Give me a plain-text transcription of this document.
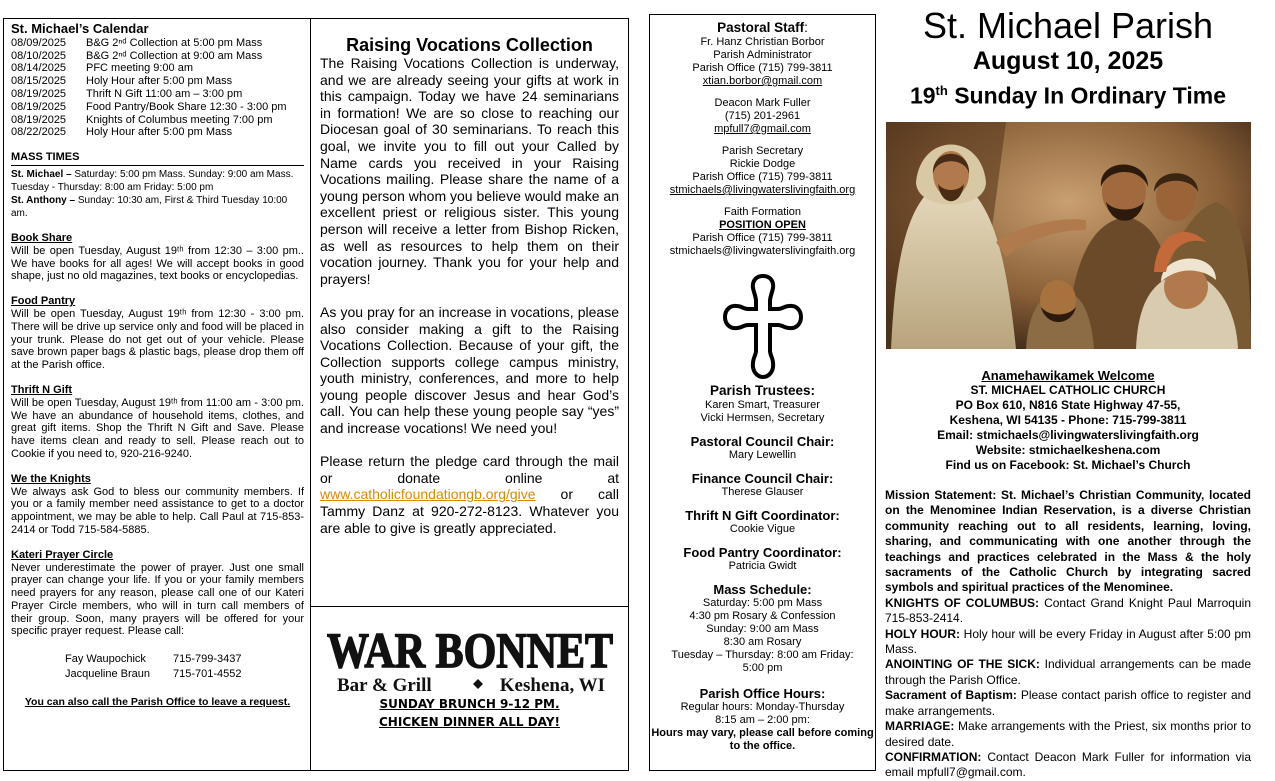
St. Michael’s Calendar
08/09/2025	B&G 2ⁿᵈ Collection at 5:00 pm Mass
08/10/2025	B&G 2ⁿᵈ Collection at 9:00 am Mass
08/14/2025	PFC meeting 9:00 am
08/15/2025	Holy Hour after 5:00 pm Mass
08/19/2025	Thrift N Gift 11:00 am – 3:00 pm
08/19/2025	Food Pantry/Book Share 12:30 - 3:00 pm
08/19/2025	Knights of Columbus meeting 7:00 pm
08/22/2025	Holy Hour after 5:00 pm Mass
MASS TIMES
St. Michael – Saturday: 5:00 pm Mass. Sunday: 9:00 am Mass. Tuesday - Thursday: 8:00 am Friday: 5:00 pm
St. Anthony – Sunday: 10:30 am, First & Third Tuesday 10:00 am.
Book Share
Will be open Tuesday, August 19ᵗʰ from 12:30 – 3:00 pm.. We have books for all ages! We will accept books in good shape, just no old magazines, text books or encyclopedias.
Food Pantry
Will be open Tuesday, August 19ᵗʰ from 12:30 - 3:00 pm. There will be drive up service only and food will be placed in your trunk. Please do not get out of your vehicle. Please save brown paper bags & plastic bags, please drop them off at the Parish office.
Thrift N Gift
Will be open Tuesday, August 19ᵗʰ from 11:00 am - 3:00 pm. We have an abundance of household items, clothes, and great gift items. Shop the Thrift N Gift and Save. Please have items clean and ready to sell. Please reach out to Cookie if you need to, 920-216-9240.
We the Knights
We always ask God to bless our community members. If you or a family member need assistance to get to a doctor appointment, we may be able to help. Call Paul at 715-853-2414 or Todd 715-584-5885.
Kateri Prayer Circle
Never underestimate the power of prayer. Just one small prayer can change your life. If you or your family members need prayers for any reason, please call one of our Kateri Prayer Circle members, who will in turn call members of their group. Soon, many prayers will be offered for your specific prayer request. Please call:
Fay Waupochick	715-799-3437
Jacqueline Braun	715-701-4552
You can also call the Parish Office to leave a request.
Raising Vocations Collection

The Raising Vocations Collection is underway, and we are already seeing your gifts at work in this campaign. Today we have 24 seminarians in formation! We are so close to reaching our Diocesan goal of 30 seminarians. To reach this goal, we invite you to fill out your Called by Name cards you received in your Raising Vocations mailing. Please share the name of a young person whom you believe would make an excellent priest or religious sister. This young person will receive a letter from Bishop Ricken, as well as resources to help them on their vocation journey. Thank you for your help and prayers!

As you pray for an increase in vocations, please also consider making a gift to the Raising Vocations Collection. Because of your gift, the Collection supports college campus ministry, youth ministry, conferences, and more to help young people discover Jesus and hear God’s call. You can help these young people say “yes” and increase vocations! We need you!

Please return the pledge card through the mail or donate online at www.catholicfoundationgb.org/give or call Tammy Danz at 920-272-8123. Whatever you are able to give is greatly appreciated.

WAR BONNET
Bar & Grill	Keshena, WI
SUNDAY BRUNCH 9-12 PM.
CHICKEN DINNER ALL DAY!
Pastoral Staff:
Fr. Hanz Christian Borbor
Parish Administrator
Parish Office (715) 799-3811
xtian.borbor@gmail.com
Deacon Mark Fuller
(715) 201-2961
mpfull7@gmail.com
Parish Secretary
Rickie Dodge
Parish Office (715) 799-3811
stmichaels@livingwaterslivingfaith.org
Faith Formation
POSITION OPEN
Parish Office (715) 799-3811
stmichaels@livingwaterslivingfaith.org
Parish Trustees:
Karen Smart, Treasurer
Vicki Hermsen, Secretary
Pastoral Council Chair:
Mary Lewellin
Finance Council Chair:
Therese Glauser
Thrift N Gift Coordinator:
Cookie Vigue
Food Pantry Coordinator:
Patricia Gwidt
Mass Schedule:
Saturday: 5:00 pm Mass
4:30 pm Rosary & Confession
Sunday: 9:00 am Mass
8:30 am Rosary
Tuesday – Thursday: 8:00 am Friday:
5:00 pm
Parish Office Hours:
Regular hours: Monday-Thursday
8:15 am – 2:00 pm:
Hours may vary, please call before coming to the office.
St. Michael Parish
August 10, 2025
19th Sunday In Ordinary Time
Anamehawikamek Welcome
ST. MICHAEL CATHOLIC CHURCH
PO Box 610, N816 State Highway 47-55,
Keshena, WI 54135 - Phone: 715-799-3811
Email: stmichaels@livingwaterslivingfaith.org
Website: stmichaelkeshena.com
Find us on Facebook: St. Michael’s Church
Mission Statement: St. Michael’s Christian Community, located on the Menominee Indian Reservation, is a diverse Christian community reaching out to all residents, learning, loving, sharing, and communicating with one another through the teachings and practices celebrated in the Mass & the holy sacraments of the Catholic Church by integrating sacred symbols and spiritual practices of the Menominee.
KNIGHTS OF COLUMBUS: Contact Grand Knight Paul Marroquin 715-853-2414.
HOLY HOUR: Holy hour will be every Friday in August after 5:00 pm Mass.
ANOINTING OF THE SICK: Individual arrangements can be made through the Parish Office.
Sacrament of Baptism: Please contact parish office to register and make arrangements.
MARRIAGE: Make arrangements with the Priest, six months prior to desired date.
CONFIRMATION: Contact Deacon Mark Fuller for information via email mpfull7@gmail.com.
